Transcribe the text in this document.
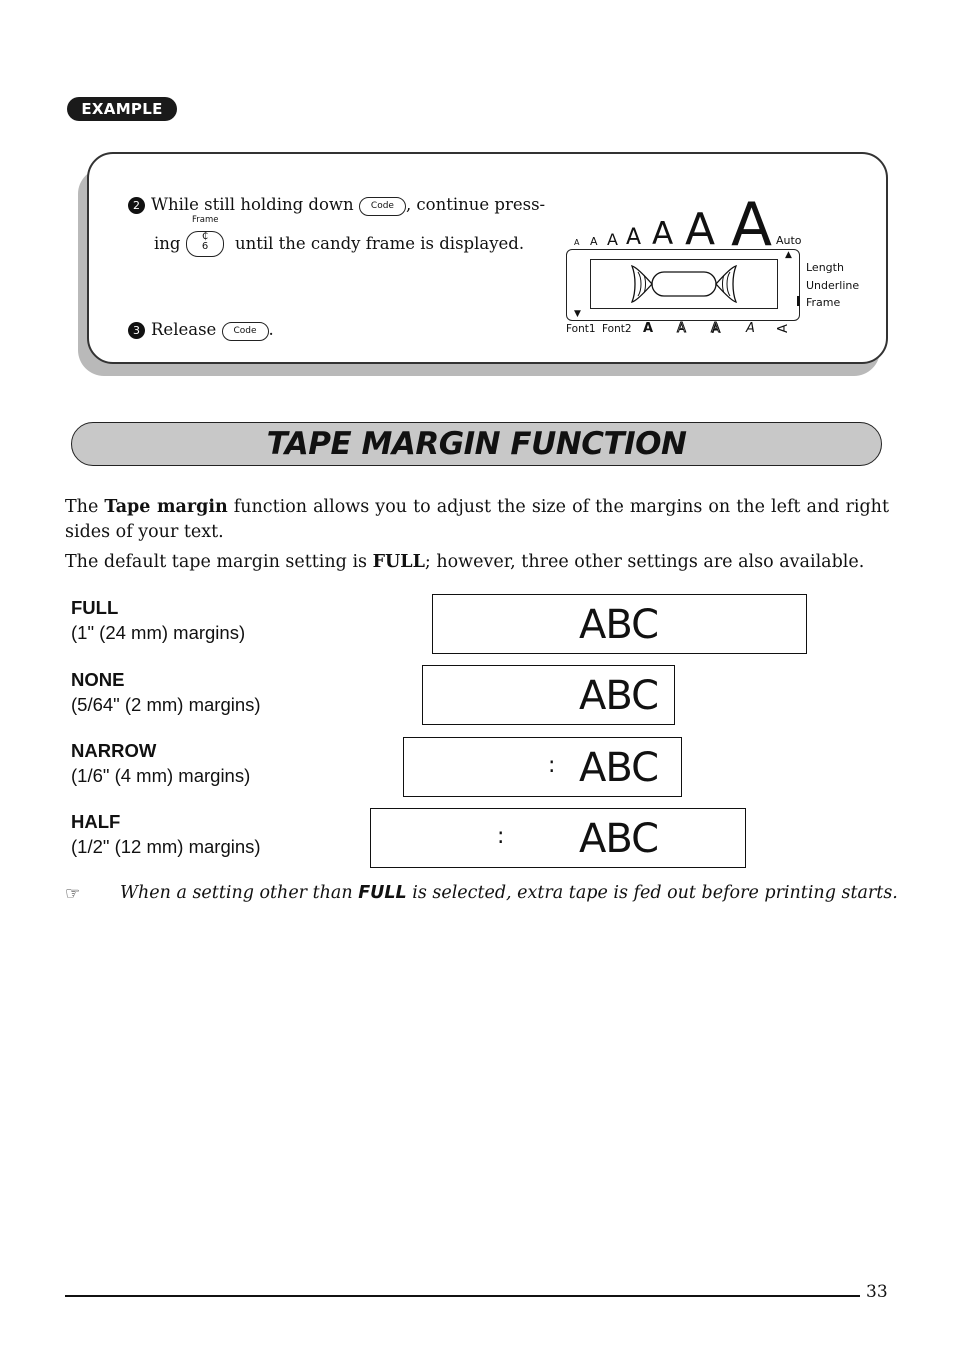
EXAMPLE
2 While still holding down Code , continue press-
Frame
ing	until the candy frame is displayed.
₵
6
3 Release Code .
A A A A A A A Auto
▲
▼
Length
Underline
Frame
Font1 Font2 A A A A A
TAPE MARGIN FUNCTION
The Tape margin function allows you to adjust the size of the margins on the left and right sides of your text.
The default tape margin setting is FULL; however, three other settings are also available.
FULL
(1" (24 mm) margins)
NONE
(5/64" (2 mm) margins)
NARROW
(1/6" (4 mm) margins)
HALF
(1/2" (12 mm) margins)
ABC
ABC
: ABC
: ABC
☞ When a setting other than FULL is selected, extra tape is fed out before printing starts.
33
